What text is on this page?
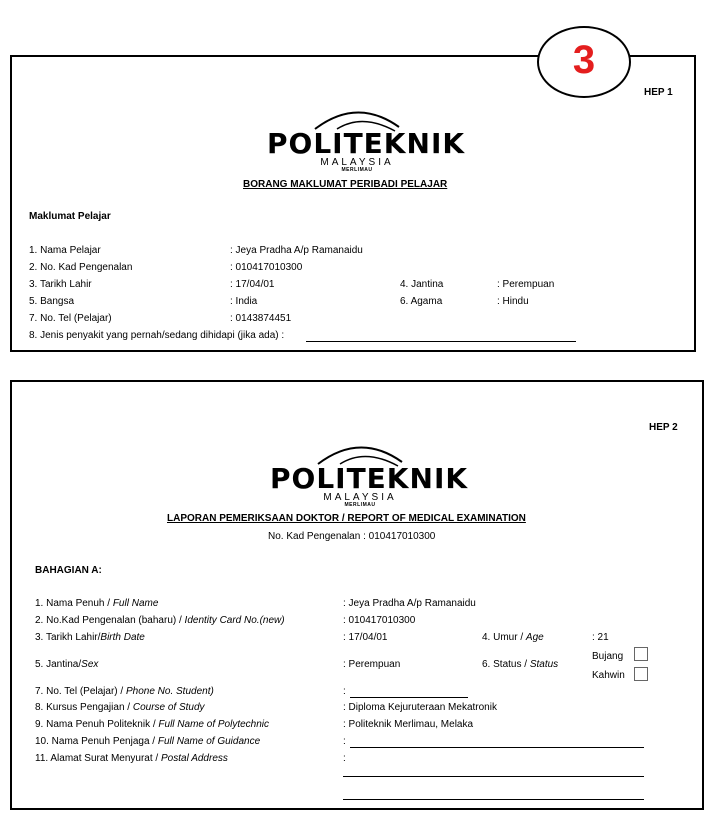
HEP 1
POLITEKNIK
MALAYSIA
MERLIMAU
BORANG MAKLUMAT PERIBADI PELAJAR
Maklumat Pelajar
1. Nama Pelajar	: Jeya Pradha A/p Ramanaidu
2. No. Kad Pengenalan	: 010417010300
3. Tarikh Lahir	: 17/04/01	4. Jantina	: Perempuan
5. Bangsa	: India	6. Agama	: Hindu
7. No. Tel (Pelajar)	: 0143874451
8. Jenis penyakit yang pernah/sedang dihidapi (jika ada) :
3
HEP 2
POLITEKNIK
MALAYSIA
MERLIMAU
LAPORAN PEMERIKSAAN DOKTOR / REPORT OF MEDICAL EXAMINATION
No. Kad Pengenalan : 010417010300
BAHAGIAN A:
1. Nama Penuh / Full Name	: Jeya Pradha A/p Ramanaidu
2. No.Kad Pengenalan (baharu) / Identity Card No.(new)	: 010417010300
3. Tarikh Lahir/Birth Date	: 17/04/01	4. Umur / Age	: 21
5. Jantina/Sex	: Perempuan	6. Status / Status
Bujang
Kahwin
7. No. Tel (Pelajar) / Phone No. Student)	:
8. Kursus Pengajian / Course of Study	: Diploma Kejuruteraan Mekatronik
9. Nama Penuh Politeknik / Full Name of Polytechnic	: Politeknik Merlimau, Melaka
10. Nama Penuh Penjaga / Full Name of Guidance	:
11. Alamat Surat Menyurat / Postal Address	:
